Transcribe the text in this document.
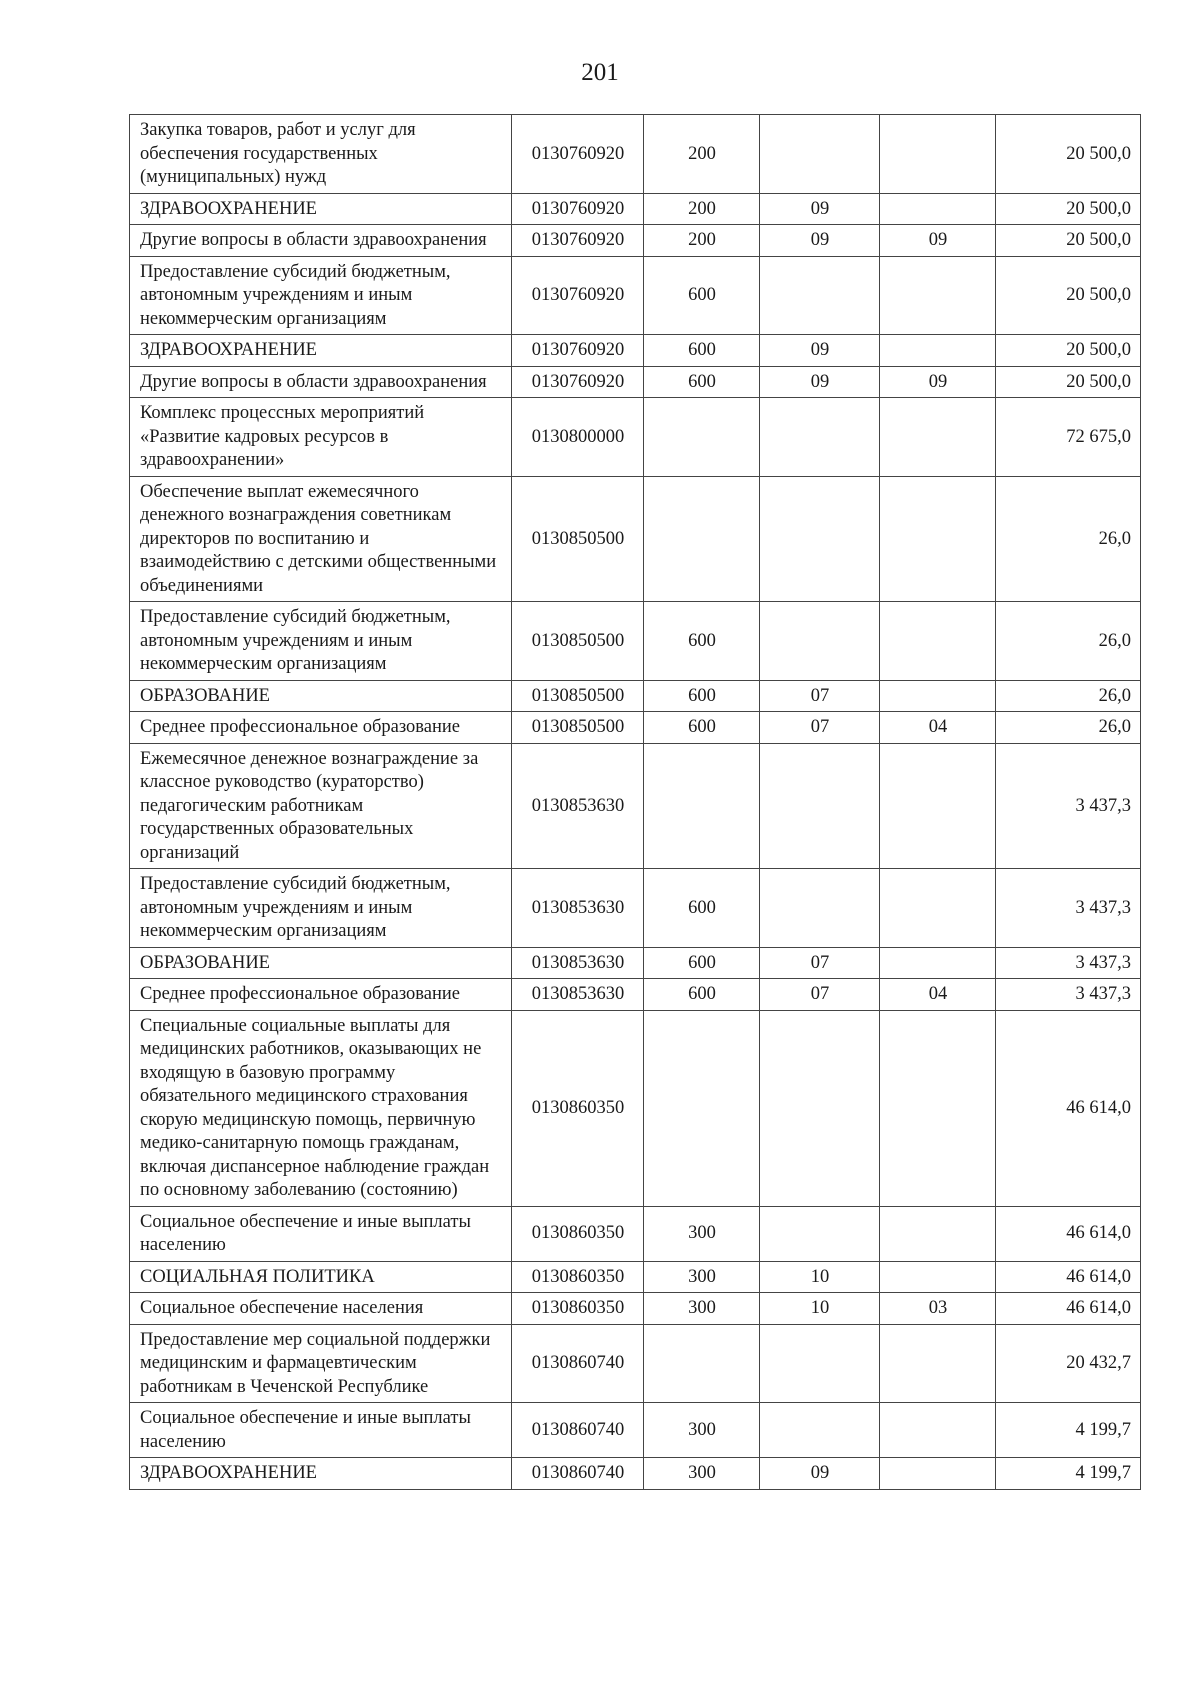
201
Закупка товаров, работ и услуг для обеспечения государственных (муниципальных) нужд	0130760920	200			20 500,0
ЗДРАВООХРАНЕНИЕ	0130760920	200	09		20 500,0
Другие вопросы в области здравоохранения	0130760920	200	09	09	20 500,0
Предоставление субсидий бюджетным, автономным учреждениям и иным некоммерческим организациям	0130760920	600			20 500,0
ЗДРАВООХРАНЕНИЕ	0130760920	600	09		20 500,0
Другие вопросы в области здравоохранения	0130760920	600	09	09	20 500,0
Комплекс процессных мероприятий «Развитие кадровых ресурсов в здравоохранении»	0130800000				72 675,0
Обеспечение выплат ежемесячного денежного вознаграждения советникам директоров по воспитанию и взаимодействию с детскими общественными объединениями	0130850500				26,0
Предоставление субсидий бюджетным, автономным учреждениям и иным некоммерческим организациям	0130850500	600			26,0
ОБРАЗОВАНИЕ	0130850500	600	07		26,0
Среднее профессиональное образование	0130850500	600	07	04	26,0
Ежемесячное денежное вознаграждение за классное руководство (кураторство) педагогическим работникам государственных образовательных организаций	0130853630				3 437,3
Предоставление субсидий бюджетным, автономным учреждениям и иным некоммерческим организациям	0130853630	600			3 437,3
ОБРАЗОВАНИЕ	0130853630	600	07		3 437,3
Среднее профессиональное образование	0130853630	600	07	04	3 437,3
Специальные социальные выплаты для медицинских работников, оказывающих не входящую в базовую программу обязательного медицинского страхования скорую медицинскую помощь, первичную медико-санитарную помощь гражданам, включая диспансерное наблюдение граждан по основному заболеванию (состоянию)	0130860350				46 614,0
Социальное обеспечение и иные выплаты населению	0130860350	300			46 614,0
СОЦИАЛЬНАЯ ПОЛИТИКА	0130860350	300	10		46 614,0
Социальное обеспечение населения	0130860350	300	10	03	46 614,0
Предоставление мер социальной поддержки медицинским и фармацевтическим работникам в Чеченской Республике	0130860740				20 432,7
Социальное обеспечение и иные выплаты населению	0130860740	300			4 199,7
ЗДРАВООХРАНЕНИЕ	0130860740	300	09		4 199,7
